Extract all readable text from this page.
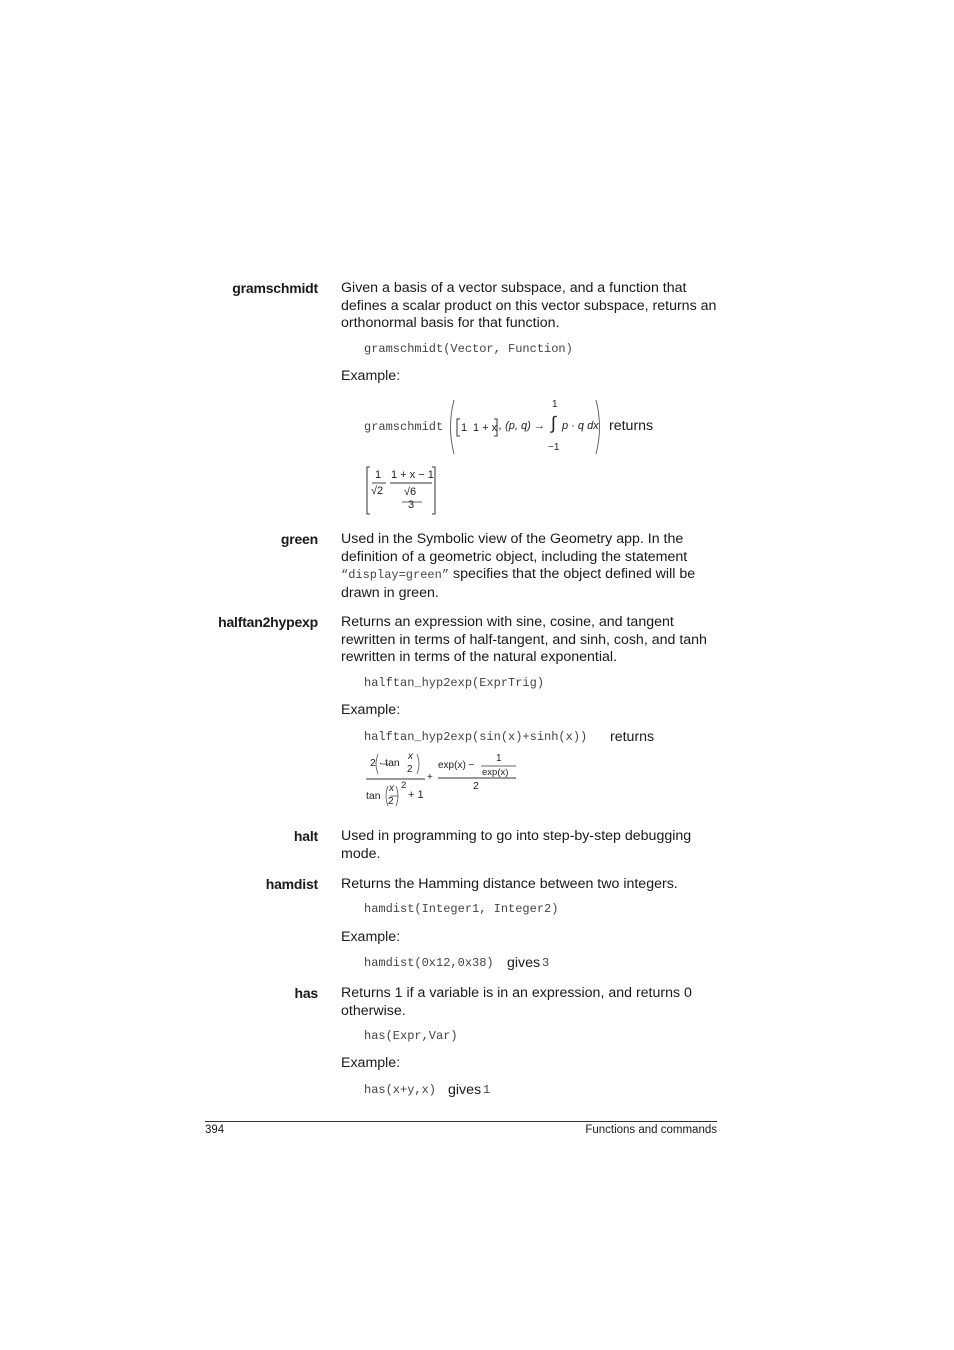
gramschmidt Given a basis of a vector subspace, and a function that defines a scalar product on this vector subspace, returns an orthonormal basis for that function.
gramschmidt(Vector, Function)
Example:
gramschmidt 1 1 + x , (p, q) →
1
∫
−1
p · q dx returns
1
√2
1 + x − 1
√6
3
green Used in the Symbolic view of the Geometry app. In the definition of a geometric object, including the statement “display=green” specifies that the object defined will be drawn in green.
halftan2hypexp Returns an expression with sine, cosine, and tangent rewritten in terms of half-tangent, and sinh, cosh, and tanh rewritten in terms of the natural exponential.
halftan_hyp2exp(ExprTrig)
Example:
halftan_hyp2exp(sin(x)+sinh(x)) returns
2 · tan
x
2
tan
x
2
2
+ 1
+
exp(x) −
1
exp(x)
2
halt Used in programming to go into step-by-step debugging mode.
hamdist Returns the Hamming distance between two integers.
hamdist(Integer1, Integer2)
Example:
hamdist(0x12,0x38) gives 3
has Returns 1 if a variable is in an expression, and returns 0 otherwise.
has(Expr,Var)
Example:
has(x+y,x) gives 1
394	Functions and commands
